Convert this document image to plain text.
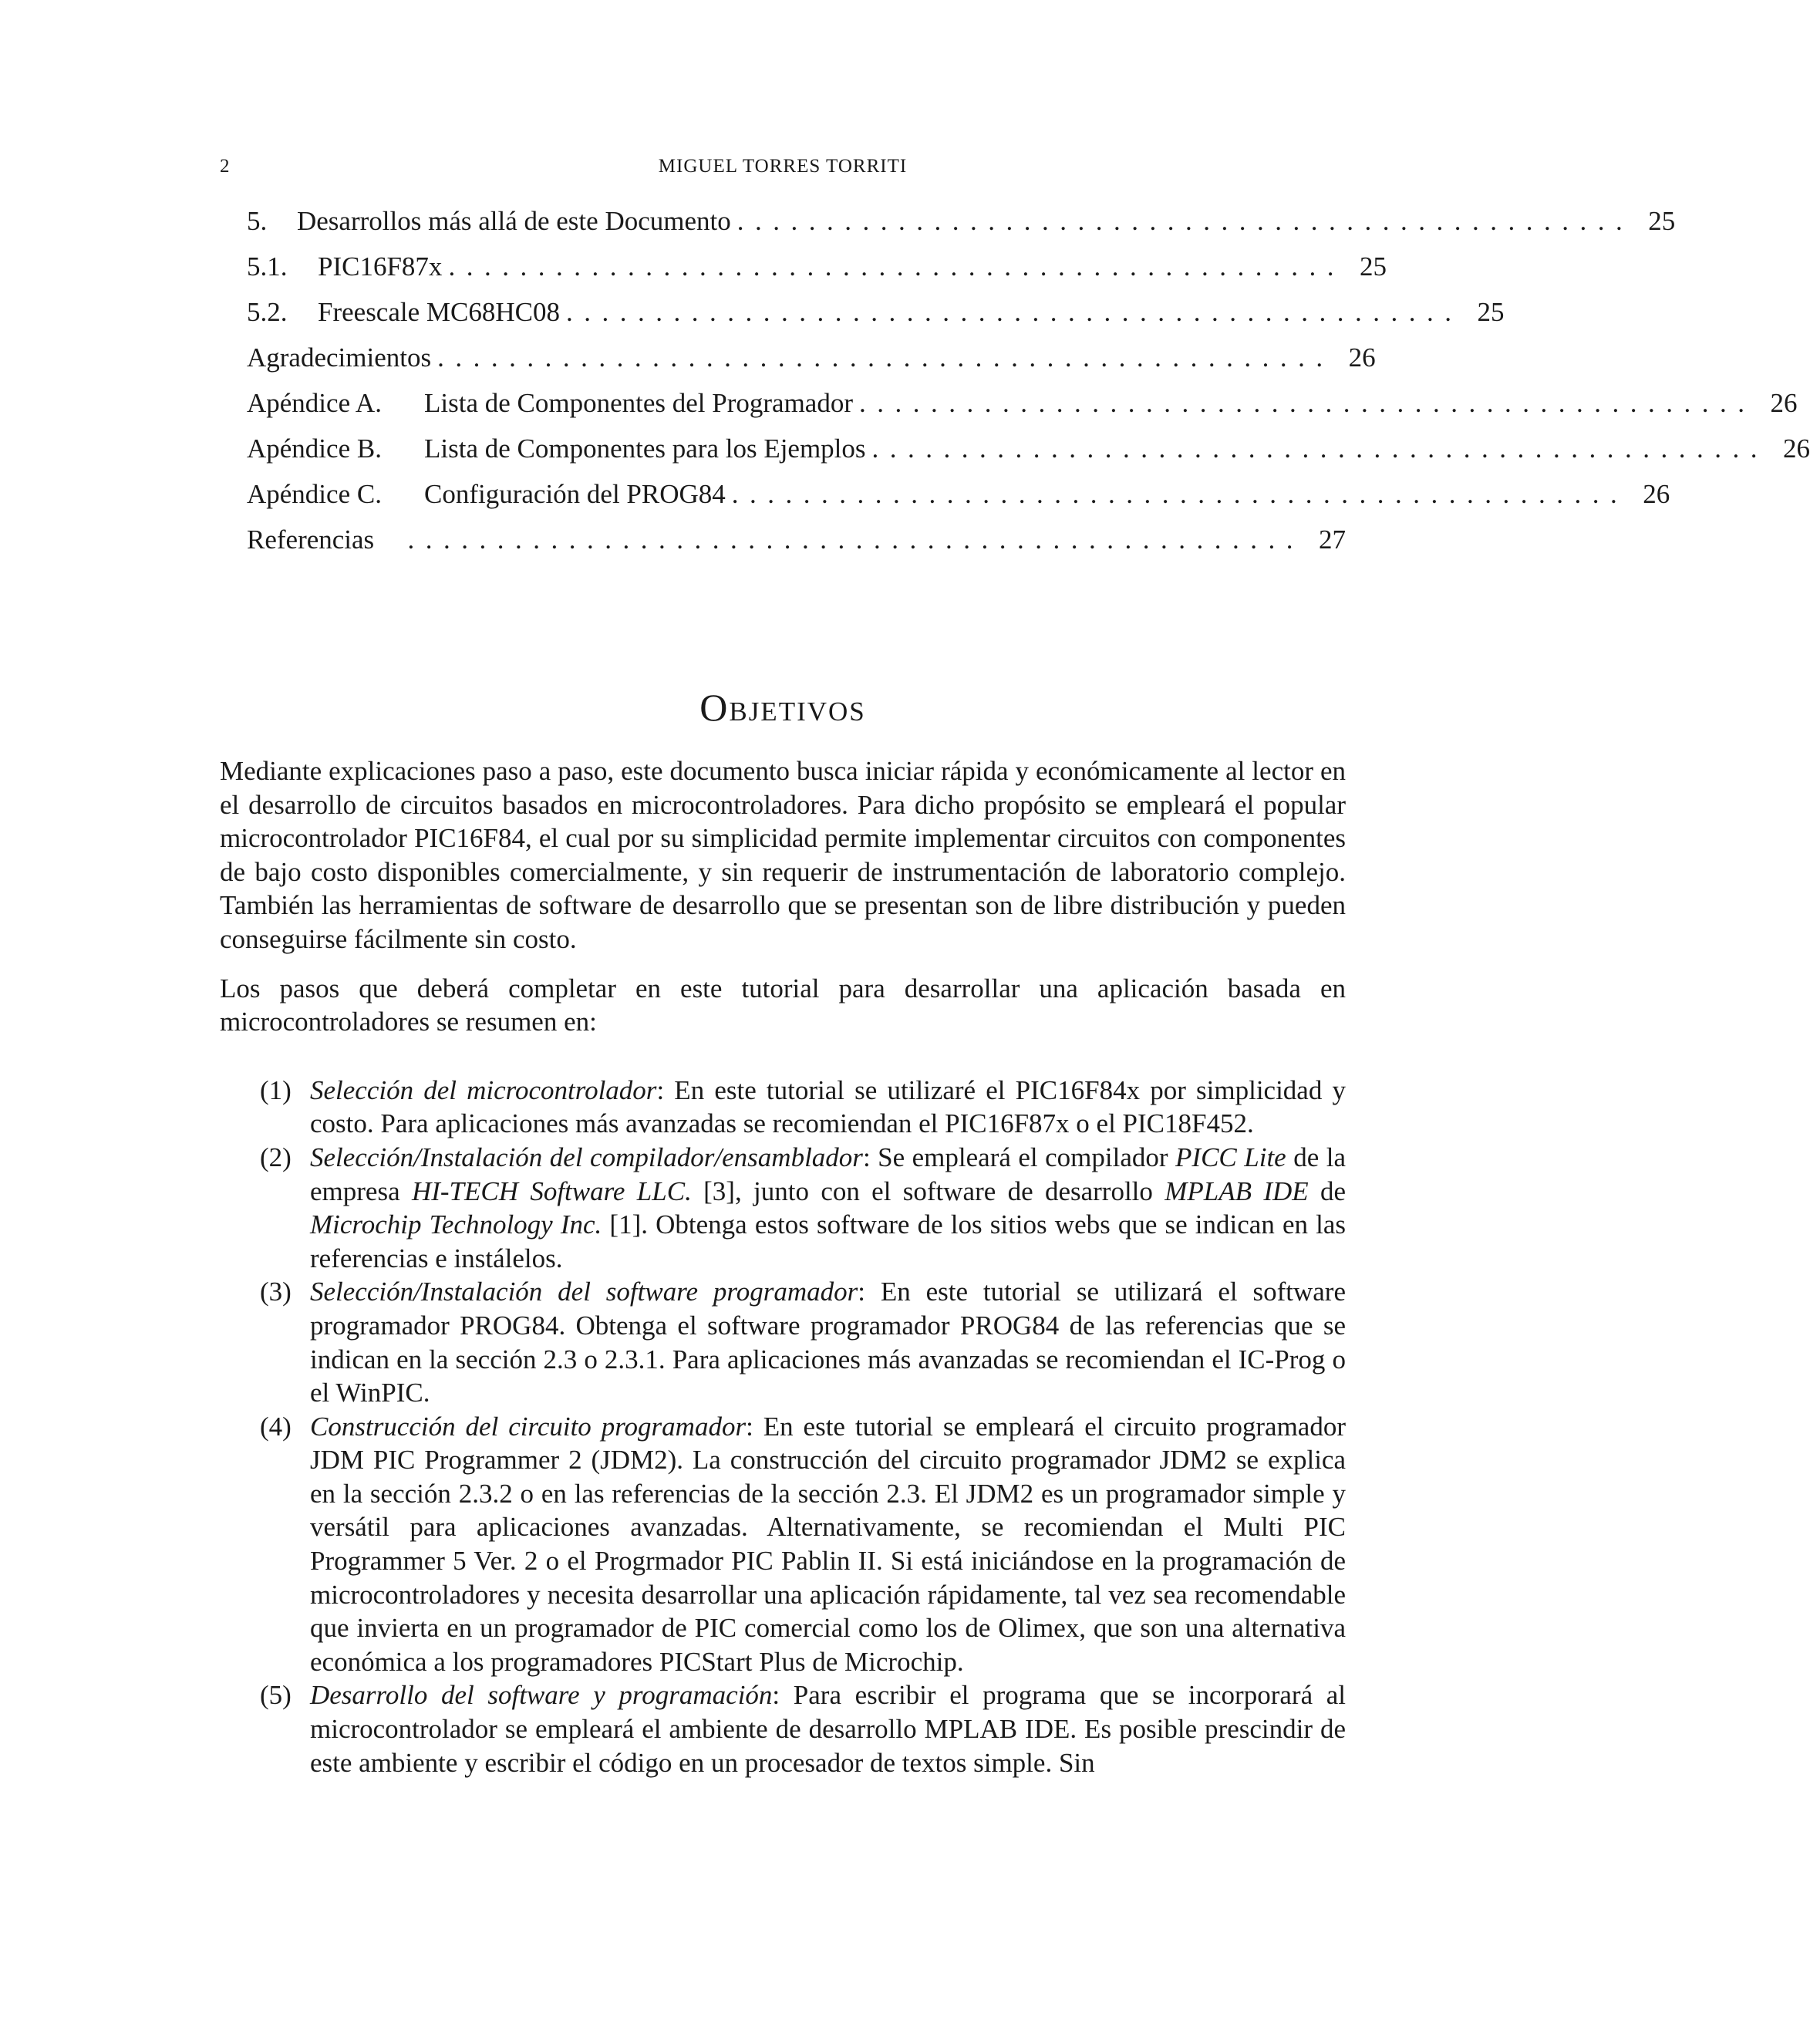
2	MIGUEL TORRES TORRITI
5.	Desarrollos más allá de este Documento .................................................. 25
5.1.	PIC16F87x .................................................. 25
5.2.	Freescale MC68HC08 .................................................. 25
Agradecimientos .................................................. 26
Apéndice A.	Lista de Componentes del Programador .................................................. 26
Apéndice B.	Lista de Componentes para los Ejemplos .................................................. 26
Apéndice C.	Configuración del PROG84 .................................................. 26
Referencias	.................................................. 27
Objetivos

Mediante explicaciones paso a paso, este documento busca iniciar rápida y económicamente al lector en el desarrollo de circuitos basados en microcontroladores. Para dicho propósito se empleará el popular microcontrolador PIC16F84, el cual por su simplicidad permite implementar circuitos con componentes de bajo costo disponibles comercialmente, y sin requerir de instrumentación de laboratorio complejo. También las herramientas de software de desarrollo que se presentan son de libre distribución y pueden conseguirse fácilmente sin costo.

Los pasos que deberá completar en este tutorial para desarrollar una aplicación basada en microcontroladores se resumen en:

(1) Selección del microcontrolador: En este tutorial se utilizaré el PIC16F84x por simplicidad y costo. Para aplicaciones más avanzadas se recomiendan el PIC16F87x o el PIC18F452.

(2) Selección/Instalación del compilador/ensamblador: Se empleará el compilador PICC Lite de la empresa HI-TECH Software LLC. [3], junto con el software de desarrollo MPLAB IDE de Microchip Technology Inc. [1]. Obtenga estos software de los sitios webs que se indican en las referencias e instálelos.

(3) Selección/Instalación del software programador: En este tutorial se utilizará el software programador PROG84. Obtenga el software programador PROG84 de las referencias que se indican en la sección 2.3 o 2.3.1. Para aplicaciones más avanzadas se recomiendan el IC-Prog o el WinPIC.

(4) Construcción del circuito programador: En este tutorial se empleará el circuito programador JDM PIC Programmer 2 (JDM2). La construcción del circuito programador JDM2 se explica en la sección 2.3.2 o en las referencias de la sección 2.3. El JDM2 es un programador simple y versátil para aplicaciones avanzadas. Alternativamente, se recomiendan el Multi PIC Programmer 5 Ver. 2 o el Progrmador PIC Pablin II. Si está iniciándose en la programación de microcontroladores y necesita desarrollar una aplicación rápidamente, tal vez sea recomendable que invierta en un programador de PIC comercial como los de Olimex, que son una alternativa económica a los programadores PICStart Plus de Microchip.

(5) Desarrollo del software y programación: Para escribir el programa que se incorporará al microcontrolador se empleará el ambiente de desarrollo MPLAB IDE. Es posible prescindir de este ambiente y escribir el código en un procesador de textos simple. Sin
